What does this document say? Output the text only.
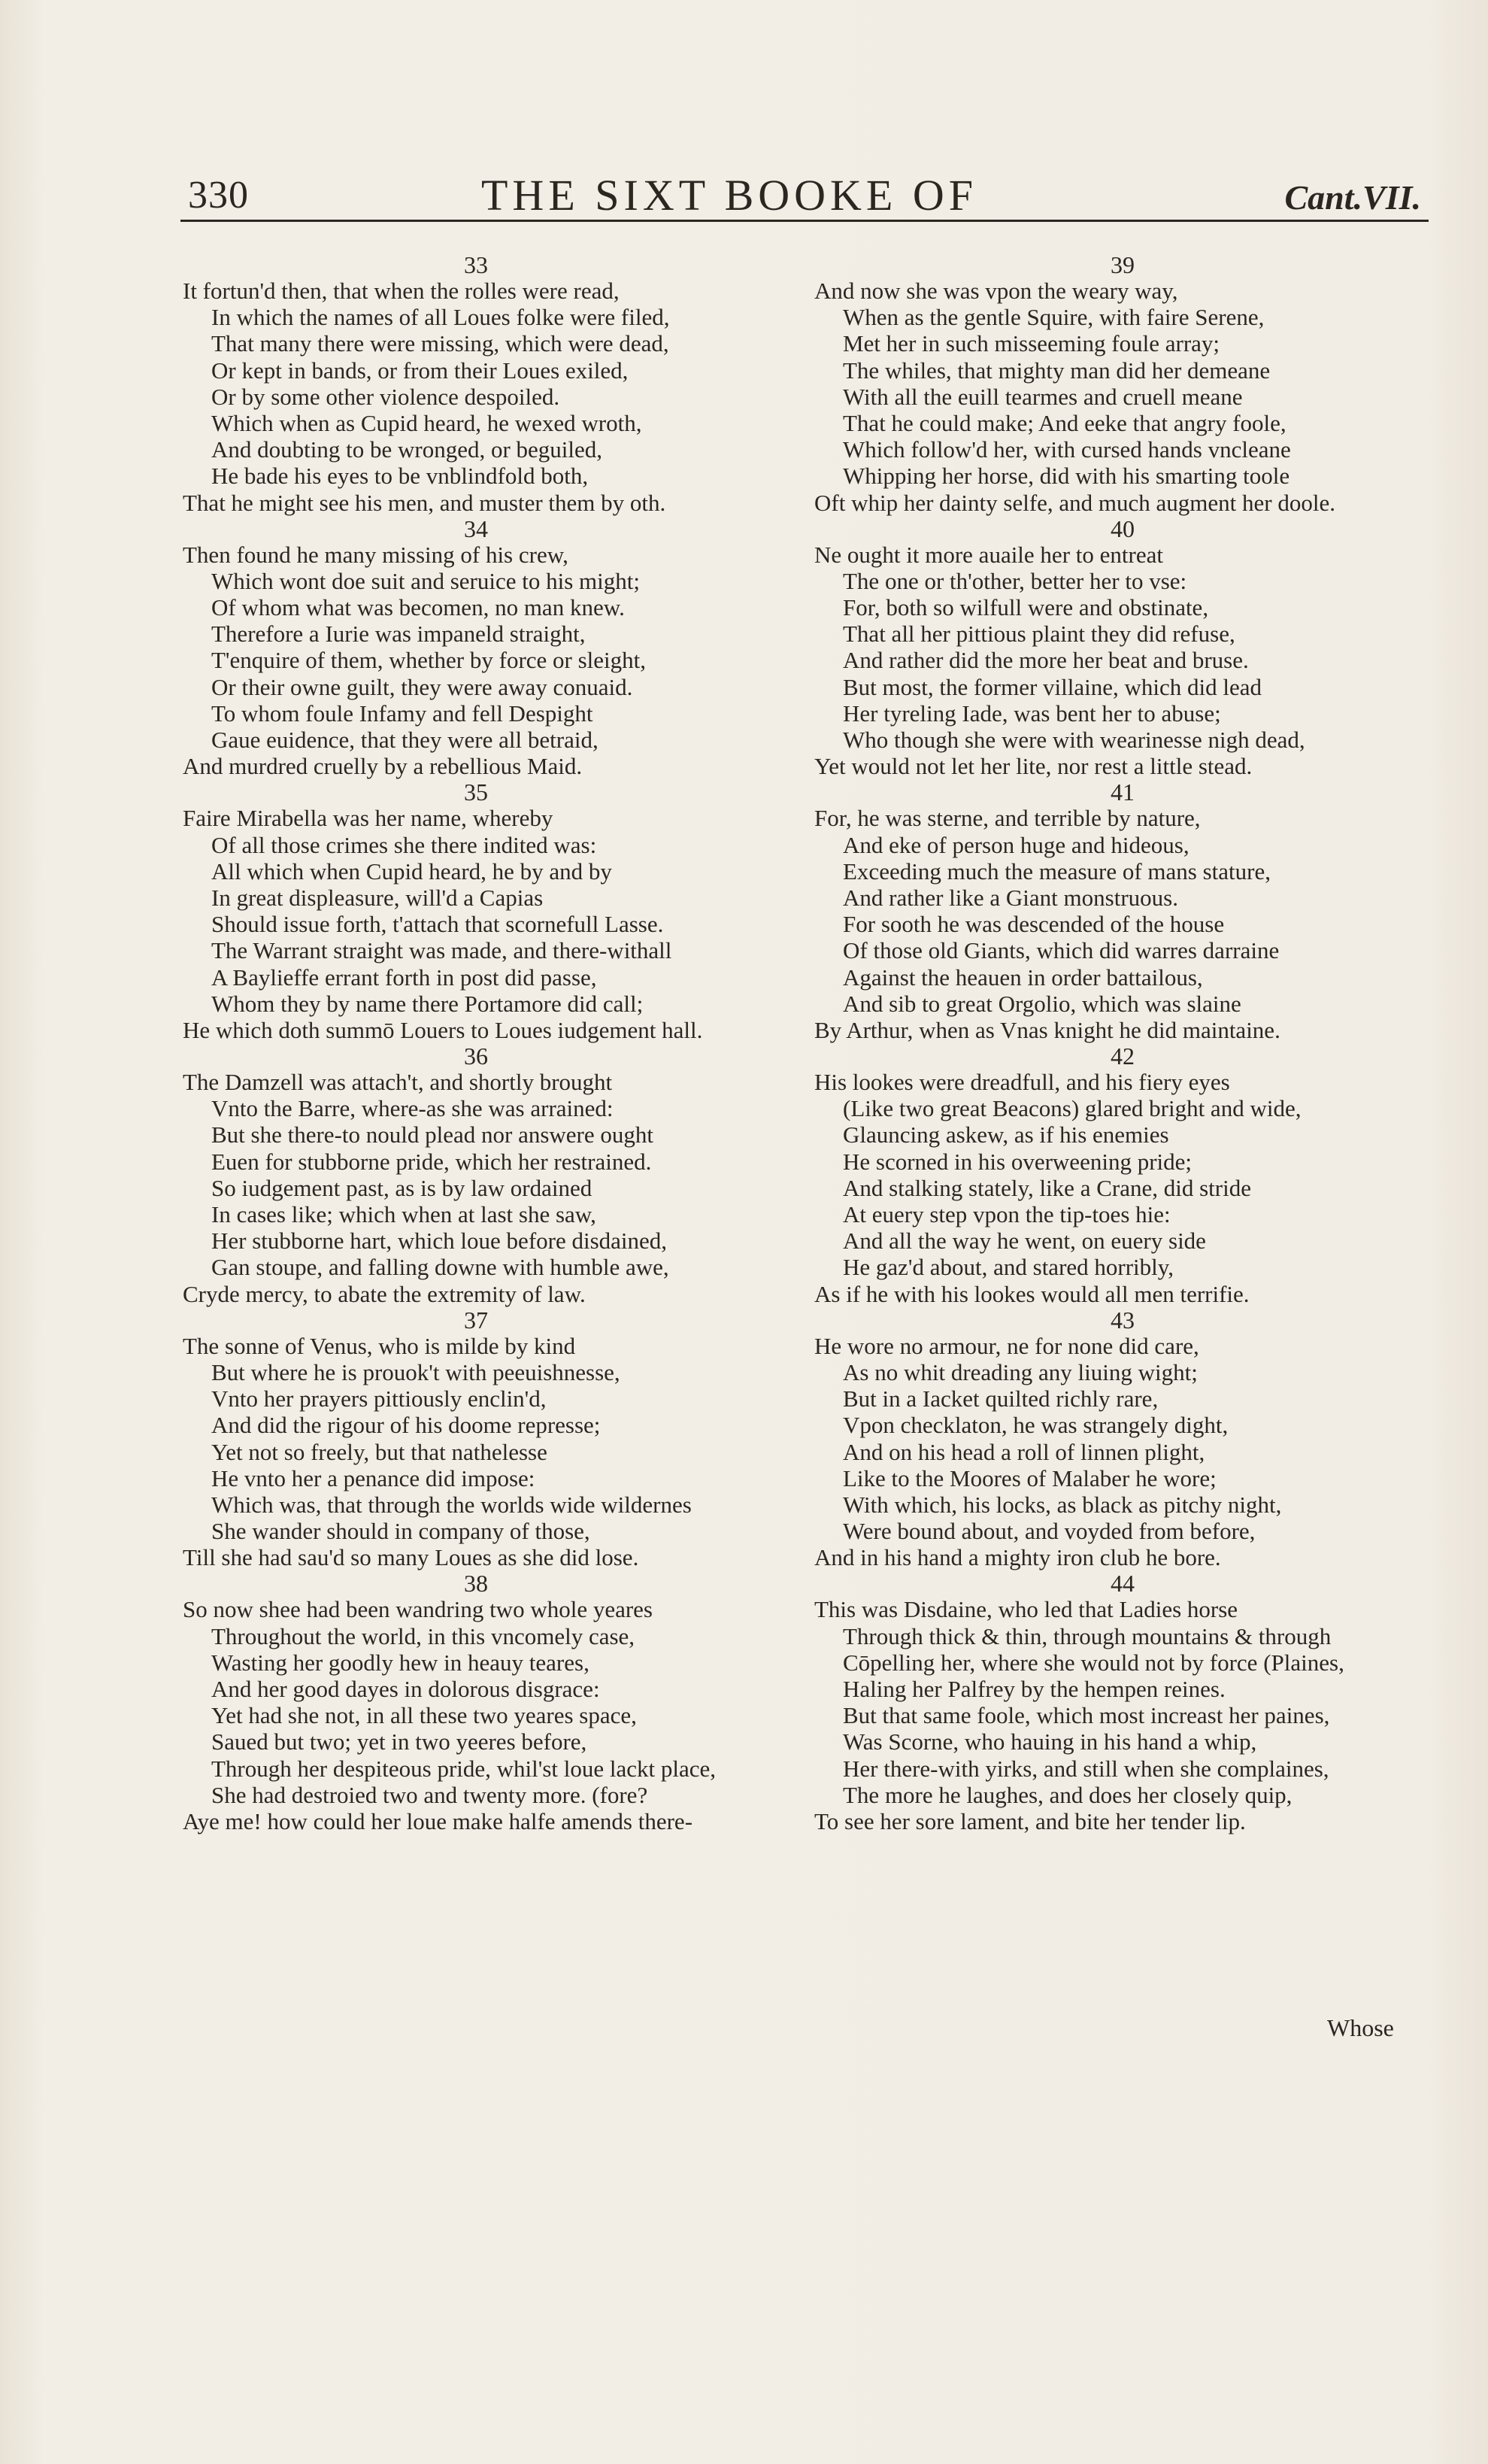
330	THE SIXT BOOKE OF	Cant.VII.
33
It fortun'd then, that when the rolles were read,
In which the names of all Loues folke were filed,
That many there were missing, which were dead,
Or kept in bands, or from their Loues exiled,
Or by some other violence despoiled.
Which when as Cupid heard, he wexed wroth,
And doubting to be wronged, or beguiled,
He bade his eyes to be vnblindfold both,
That he might see his men, and muster them by oth.
34
Then found he many missing of his crew,
Which wont doe suit and seruice to his might;
Of whom what was becomen, no man knew.
Therefore a Iurie was impaneld straight,
T'enquire of them, whether by force or sleight,
Or their owne guilt, they were away conuaid.
To whom foule Infamy and fell Despight
Gaue euidence, that they were all betraid,
And murdred cruelly by a rebellious Maid.
35
Faire Mirabella was her name, whereby
Of all those crimes she there indited was:
All which when Cupid heard, he by and by
In great displeasure, will'd a Capias
Should issue forth, t'attach that scornefull Lasse.
The Warrant straight was made, and there-withall
A Baylieffe errant forth in post did passe,
Whom they by name there Portamore did call;
He which doth summō Louers to Loues iudgement hall.
36
The Damzell was attach't, and shortly brought
Vnto the Barre, where-as she was arrained:
But she there-to nould plead nor answere ought
Euen for stubborne pride, which her restrained.
So iudgement past, as is by law ordained
In cases like; which when at last she saw,
Her stubborne hart, which loue before disdained,
Gan stoupe, and falling downe with humble awe,
Cryde mercy, to abate the extremity of law.
37
The sonne of Venus, who is milde by kind
But where he is prouok't with peeuishnesse,
Vnto her prayers pittiously enclin'd,
And did the rigour of his doome represse;
Yet not so freely, but that nathelesse
He vnto her a penance did impose:
Which was, that through the worlds wide wildernes
She wander should in company of those,
Till she had sau'd so many Loues as she did lose.
38
So now shee had been wandring two whole yeares
Throughout the world, in this vncomely case,
Wasting her goodly hew in heauy teares,
And her good dayes in dolorous disgrace:
Yet had she not, in all these two yeares space,
Saued but two; yet in two yeeres before,
Through her despiteous pride, whil'st loue lackt place,
She had destroied two and twenty more. (fore?
Aye me! how could her loue make halfe amends there-
39
And now she was vpon the weary way,
When as the gentle Squire, with faire Serene,
Met her in such misseeming foule array;
The whiles, that mighty man did her demeane
With all the euill tearmes and cruell meane
That he could make; And eeke that angry foole,
Which follow'd her, with cursed hands vncleane
Whipping her horse, did with his smarting toole
Oft whip her dainty selfe, and much augment her doole.
40
Ne ought it more auaile her to entreat
The one or th'other, better her to vse:
For, both so wilfull were and obstinate,
That all her pittious plaint they did refuse,
And rather did the more her beat and bruse.
But most, the former villaine, which did lead
Her tyreling Iade, was bent her to abuse;
Who though she were with wearinesse nigh dead,
Yet would not let her lite, nor rest a little stead.
41
For, he was sterne, and terrible by nature,
And eke of person huge and hideous,
Exceeding much the measure of mans stature,
And rather like a Giant monstruous.
For sooth he was descended of the house
Of those old Giants, which did warres darraine
Against the heauen in order battailous,
And sib to great Orgolio, which was slaine
By Arthur, when as Vnas knight he did maintaine.
42
His lookes were dreadfull, and his fiery eyes
(Like two great Beacons) glared bright and wide,
Glauncing askew, as if his enemies
He scorned in his overweening pride;
And stalking stately, like a Crane, did stride
At euery step vpon the tip-toes hie:
And all the way he went, on euery side
He gaz'd about, and stared horribly,
As if he with his lookes would all men terrifie.
43
He wore no armour, ne for none did care,
As no whit dreading any liuing wight;
But in a Iacket quilted richly rare,
Vpon checklaton, he was strangely dight,
And on his head a roll of linnen plight,
Like to the Moores of Malaber he wore;
With which, his locks, as black as pitchy night,
Were bound about, and voyded from before,
And in his hand a mighty iron club he bore.
44
This was Disdaine, who led that Ladies horse
Through thick & thin, through mountains & through
Cōpelling her, where she would not by force (Plaines,
Haling her Palfrey by the hempen reines.
But that same foole, which most increast her paines,
Was Scorne, who hauing in his hand a whip,
Her there-with yirks, and still when she complaines,
The more he laughes, and does her closely quip,
To see her sore lament, and bite her tender lip.
Whose
